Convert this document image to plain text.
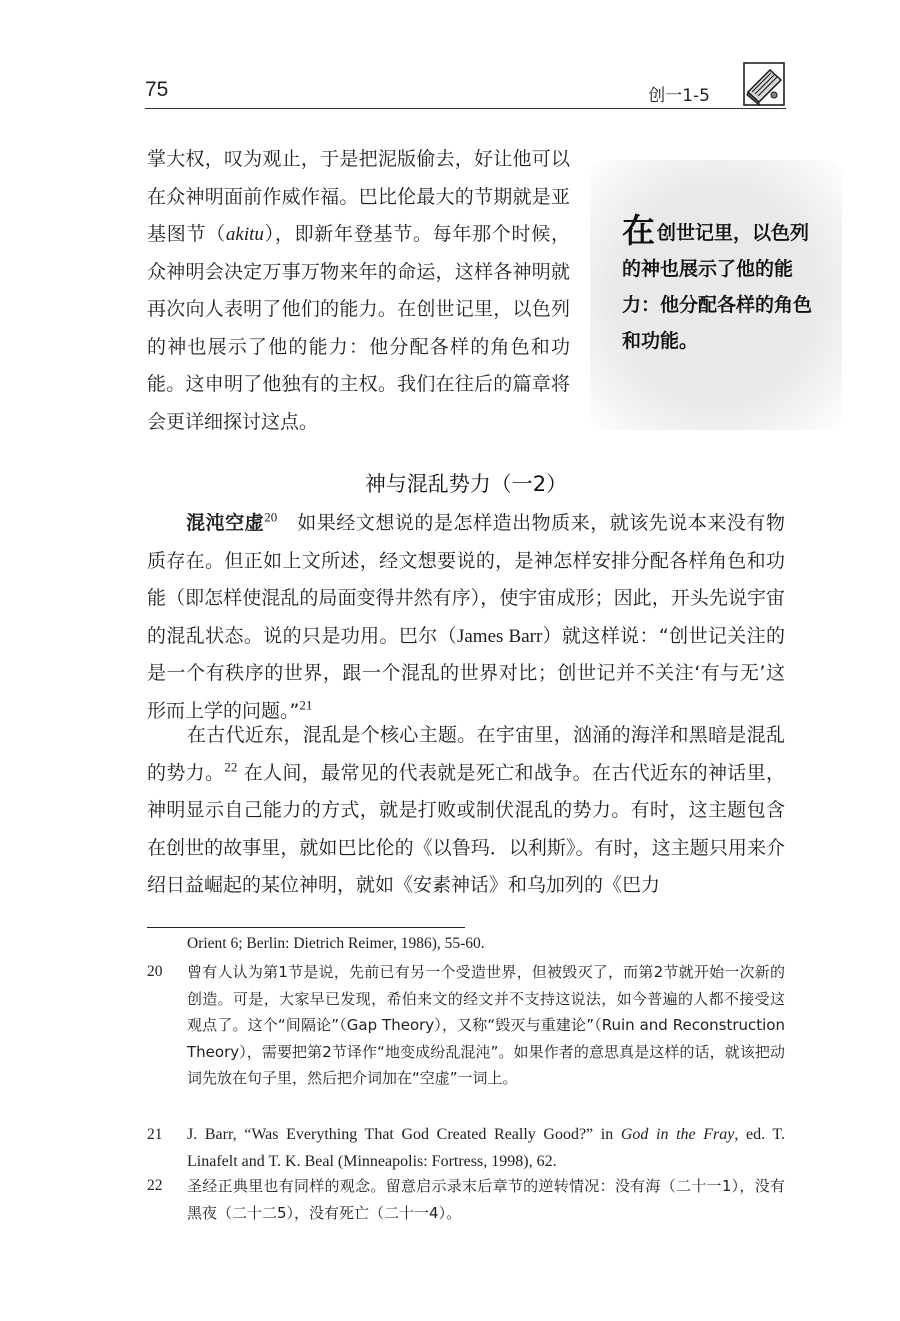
75	创一1-5

掌大权，叹为观止，于是把泥版偷去，好让他可以在众神明面前作威作福。巴比伦最大的节期就是亚基图节（akitu），即新年登基节。每年那个时候，众神明会决定万事万物来年的命运，这样各神明就再次向人表明了他们的能力。在创世记里，以色列的神也展示了他的能力：他分配各样的角色和功能。这申明了他独有的主权。我们在往后的篇章将会更详细探讨这点。

在创世记里，以色列的神也展示了他的能力：他分配各样的角色和功能。

神与混乱势力（一2）

　　混沌空虚$^{20}$　如果经文想说的是怎样造出物质来，就该先说本来没有物质存在。但正如上文所述，经文想要说的，是神怎样安排分配各样角色和功能（即怎样使混乱的局面变得井然有序），使宇宙成形；因此，开头先说宇宙的混乱状态。说的只是功用。巴尔（James Barr）就这样说：“创世记关注的是一个有秩序的世界，跟一个混乱的世界对比；创世记并不关注‘有与无’这形而上学的问题。”$^{21}$

在古代近东，混乱是个核心主题。在宇宙里，汹涌的海洋和黑暗是混乱的势力。$^{22}$ 在人间，最常见的代表就是死亡和战争。在古代近东的神话里，神明显示自己能力的方式，就是打败或制伏混乱的势力。有时，这主题包含在创世的故事里，就如巴比伦的《以鲁玛．以利斯》。有时，这主题只用来介绍日益崛起的某位神明，就如《安素神话》和乌加列的《巴力

Orient 6; Berlin: Dietrich Reimer, 1986), 55-60.

20 曾有人认为第1节是说，先前已有另一个受造世界，但被毁灭了，而第2节就开始一次新的创造。可是，大家早已发现，希伯来文的经文并不支持这说法，如今普遍的人都不接受这观点了。这个“间隔论”（Gap Theory），又称“毁灭与重建论”（Ruin and Reconstruction Theory），需要把第2节译作“地变成纷乱混沌”。如果作者的意思真是这样的话，就该把动词先放在句子里，然后把介词加在“空虚”一词上。
21 J. Barr, “Was Everything That God Created Really Good?” in God in the Fray, ed. T. Linafelt and T. K. Beal (Minneapolis: Fortress, 1998), 62.
22 圣经正典里也有同样的观念。留意启示录末后章节的逆转情况：没有海（二十一1），没有黑夜（二十二5），没有死亡（二十一4）。
